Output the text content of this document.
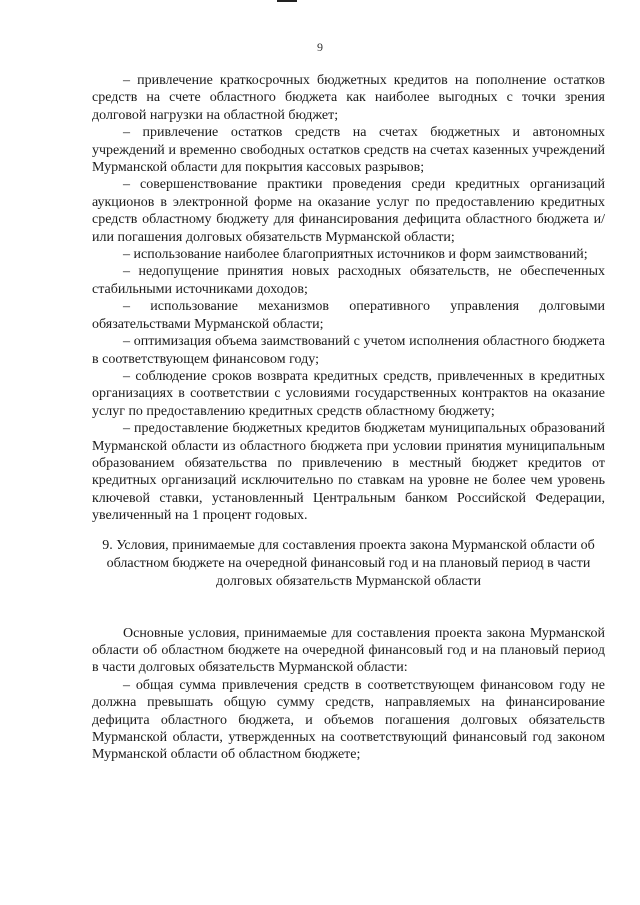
9

– привлечение краткосрочных бюджетных кредитов на пополнение остатков средств на счете областного бюджета как наиболее выгодных с точки зрения долговой нагрузки на областной бюджет;

– привлечение остатков средств на счетах бюджетных и автономных учреждений и временно свободных остатков средств на счетах казенных учреждений Мурманской области для покрытия кассовых разрывов;

– совершенствование практики проведения среди кредитных организаций аукционов в электронной форме на оказание услуг по предоставлению кредитных средств областному бюджету для финансирования дефицита областного бюджета и/или погашения долговых обязательств Мурманской области;

– использование наиболее благоприятных источников и форм заимствований;

– недопущение принятия новых расходных обязательств, не обеспеченных стабильными источниками доходов;

– использование механизмов оперативного управления долговыми обязательствами Мурманской области;

– оптимизация объема заимствований с учетом исполнения областного бюджета в соответствующем финансовом году;

– соблюдение сроков возврата кредитных средств, привлеченных в кредитных организациях в соответствии с условиями государственных контрактов на оказание услуг по предоставлению кредитных средств областному бюджету;

– предоставление бюджетных кредитов бюджетам муниципальных образований Мурманской области из областного бюджета при условии принятия муниципальным образованием обязательства по привлечению в местный бюджет кредитов от кредитных организаций исключительно по ставкам на уровне не более чем уровень ключевой ставки, установленный Центральным банком Российской Федерации, увеличенный на 1 процент годовых.

9. Условия, принимаемые для составления проекта закона Мурманской области об областном бюджете на очередной финансовый год и на плановый период в части долговых обязательств Мурманской области

Основные условия, принимаемые для составления проекта закона Мурманской области об областном бюджете на очередной финансовый год и на плановый период в части долговых обязательств Мурманской области:

– общая сумма привлечения средств в соответствующем финансовом году не должна превышать общую сумму средств, направляемых на финансирование дефицита областного бюджета, и объемов погашения долговых обязательств Мурманской области, утвержденных на соответствующий финансовый год законом Мурманской области об областном бюджете;
